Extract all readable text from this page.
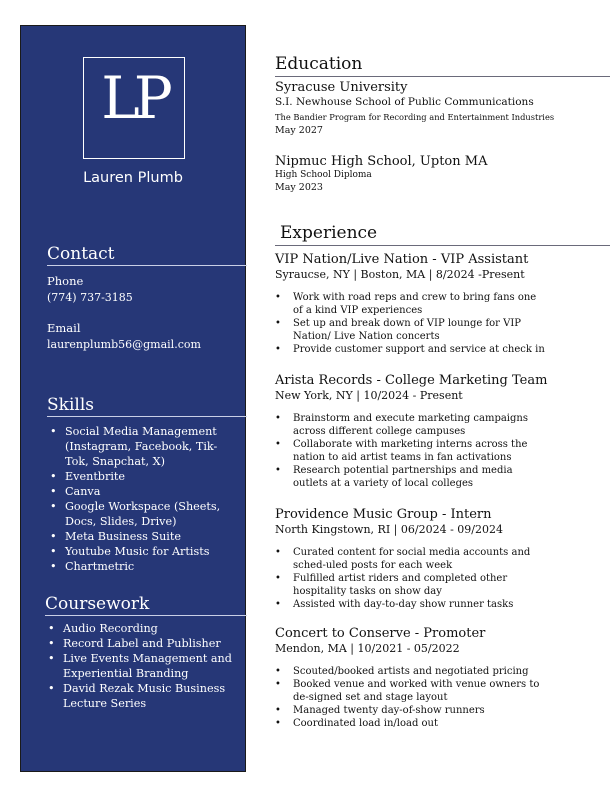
LP
Lauren Plumb
Contact
Phone
(774) 737-3185
Email
laurenplumb56@gmail.com
Skills
• Social Media Management (Instagram, Facebook, Tik-Tok, Snapchat, X)
• Eventbrite
• Canva
• Google Workspace (Sheets, Docs, Slides, Drive)
• Meta Business Suite
• Youtube Music for Artists
• Chartmetric
Coursework
• Audio Recording
• Record Label and Publisher
• Live Events Management and Experiential Branding
• David Rezak Music Business Lecture Series
Education
Syracuse University
S.I. Newhouse School of Public Communications
The Bandier Program for Recording and Entertainment Industries
May 2027
Nipmuc High School, Upton MA
High School Diploma
May 2023
Experience
VIP Nation/Live Nation - VIP Assistant
Syraucse, NY | Boston, MA | 8/2024 -Present
• Work with road reps and crew to bring fans one of a kind VIP experiences
• Set up and break down of VIP lounge for VIP Nation/ Live Nation concerts
• Provide customer support and service at check in
Arista Records - College Marketing Team
New York, NY | 10/2024 - Present
• Brainstorm and execute marketing campaigns across different college campuses
• Collaborate with marketing interns across the nation to aid artist teams in fan activations
• Research potential partnerships and media outlets at a variety of local colleges
Providence Music Group - Intern
North Kingstown, RI | 06/2024 - 09/2024
• Curated content for social media accounts and sched-uled posts for each week
• Fulfilled artist riders and completed other hospitality tasks on show day
• Assisted with day-to-day show runner tasks
Concert to Conserve - Promoter
Mendon, MA | 10/2021 - 05/2022
• Scouted/booked artists and negotiated pricing
• Booked venue and worked with venue owners to de-signed set and stage layout
• Managed twenty day-of-show runners
• Coordinated load in/load out
